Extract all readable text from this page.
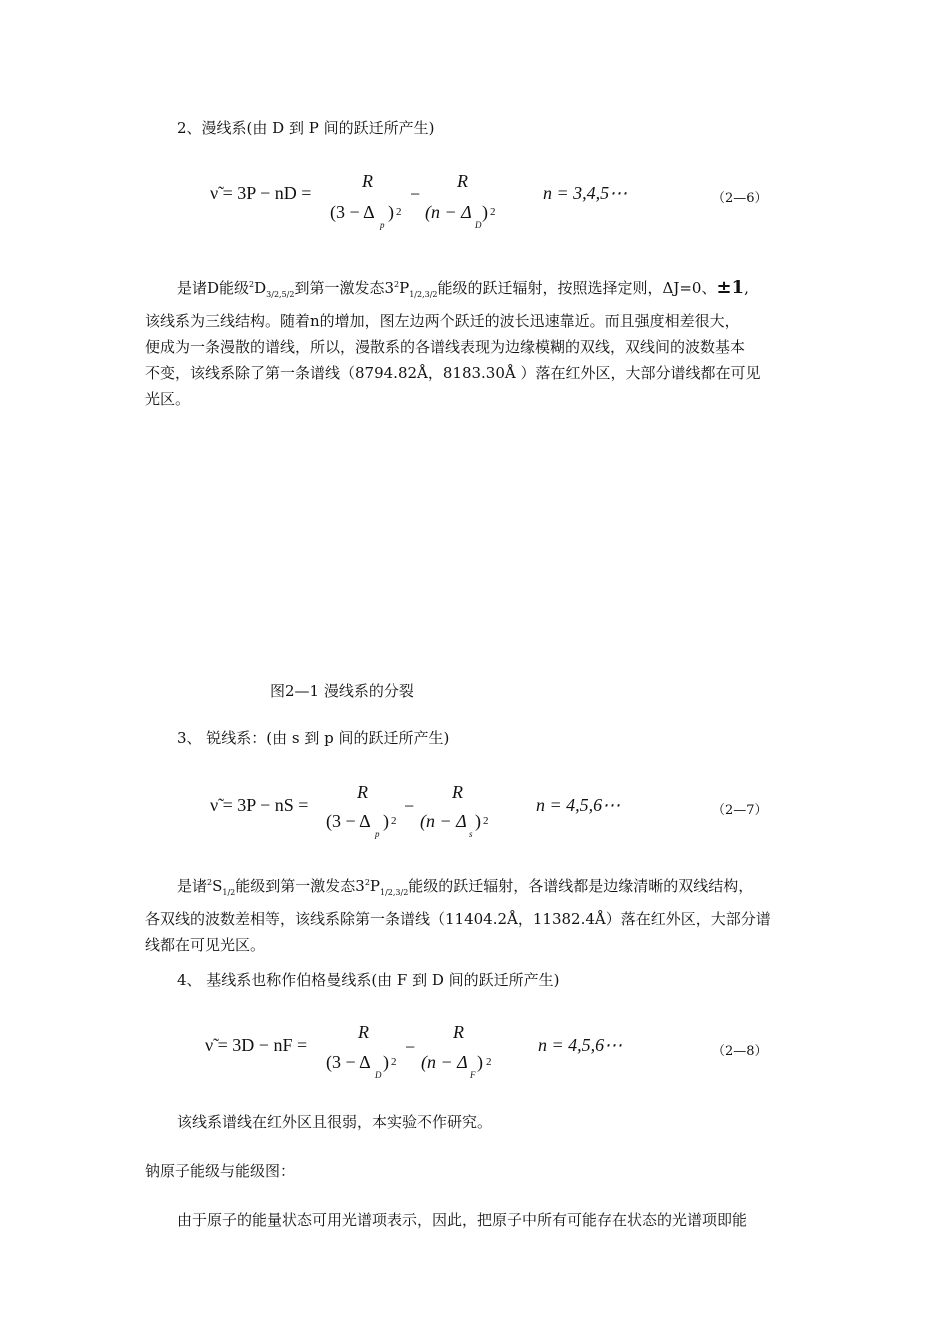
2、漫线系(由 D 到 P 间的跃迁所产生)
ν̃ = 3P − nD =
R
(3 − Δ
p
) 2
−
R
(n − Δ
D
) 2
n = 3,4,5⋯	（2—6）
是诸D能级$^2D_{3/2,5/2}$到第一激发态$3^2P_{1/2,3/2}$能级的跃迁辐射，按照选择定则，ΔJ=0、±1,
该线系为三线结构。随着n的增加，图左边两个跃迁的波长迅速靠近。而且强度相差很大，
便成为一条漫散的谱线，所以，漫散系的各谱线表现为边缘模糊的双线，双线间的波数基本
不变，该线系除了第一条谱线（8794.82Å，8183.30Å ）落在红外区，大部分谱线都在可见
光区。
图2—1 漫线系的分裂
3、 锐线系：(由 s 到 p 间的跃迁所产生)
ν̃ = 3P − nS =
R
(3 − Δ
p
) 2
−
R
(n − Δ
s
) 2
n = 4,5,6⋯	（2—7）
是诸$^2S_{1/2}$能级到第一激发态$3^2P_{1/2,3/2}$能级的跃迁辐射，各谱线都是边缘清晰的双线结构，
各双线的波数差相等，该线系除第一条谱线（11404.2Å，11382.4Å）落在红外区，大部分谱
线都在可见光区。
4、 基线系也称作伯格曼线系(由 F 到 D 间的跃迁所产生)
ν̃ = 3D − nF =
R
(3 − Δ
D
) 2
−
R
(n − Δ
F
) 2
n = 4,5,6⋯	（2—8）
该线系谱线在红外区且很弱，本实验不作研究。
钠原子能级与能级图：
由于原子的能量状态可用光谱项表示，因此，把原子中所有可能存在状态的光谱项即能
